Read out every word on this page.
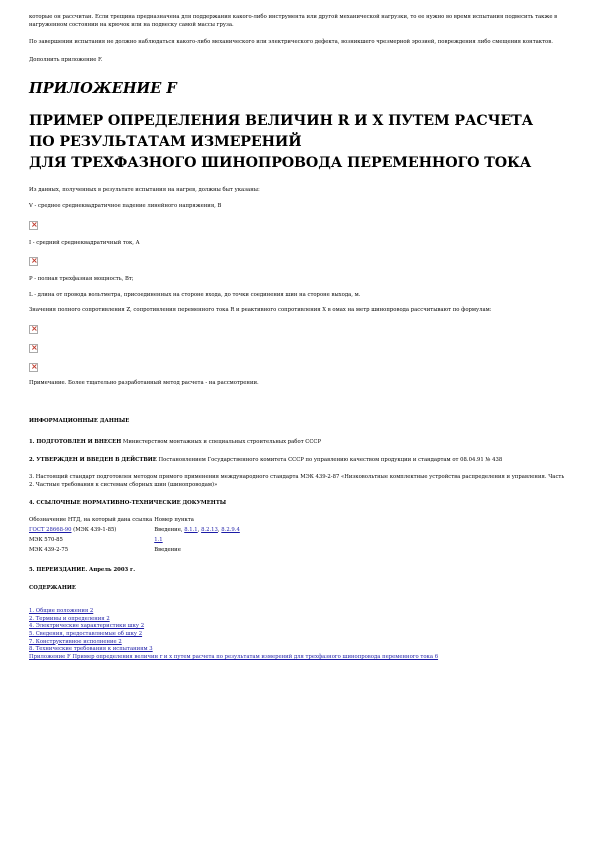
которые он рассчитан. Если трещина предназначена для поддержания какого-либо инструмента или другой механической нагрузки, то ее нужно во время испытания подвесить также в нагруженном состоянии на крючок или на подвеску самой массы груза.

По завершении испытания не должно наблюдаться какого-либо механического или электрического дефекта, возникшего чрезмерной эрозией, повреждения либо смещения контактов.

Дополнить приложение F.

ПРИЛОЖЕНИЕ F
ПРИМЕР ОПРЕДЕЛЕНИЯ ВЕЛИЧИН R И X ПУТЕМ РАСЧЕТА
ПО РЕЗУЛЬТАТАМ ИЗМЕРЕНИЙ
ДЛЯ ТРЕХФАЗНОГО ШИНОПРОВОДА ПЕРЕМЕННОГО ТОКА

Из данных, полученных в результате испытания на нагрев, должны быт указаны:

V - среднее среднеквадратичное падение линейного напряжения, В

×

I - средний среднеквадратичный ток, А

×

P - полная трехфазная мощность, Вт;

L - длина от провода вольтметра, присоединенных на стороне входа, до точки соединения шин на стороне выхода, м.

Значения полного сопротивления Z, сопротивления переменного тока R и реактивного сопротивления X в омах на метр шинопровода рассчитывают по формулам:

×
×
×

Примечание. Более тщательно разработанный метод расчета - на рассмотрении.

ИНФОРМАЦИОННЫЕ ДАННЫЕ

1. ПОДГОТОВЛЕН И ВНЕСЕН Министерством монтажных и специальных строительных работ СССР

2. УТВЕРЖДЕН И ВВЕДЕН В ДЕЙСТВИЕ Постановлением Государственного комитета СССР по управлению качеством продукции и стандартам от 08.04.91 № 438

3. Настоящий стандарт подготовлен методом прямого применения международного стандарта МЭК 439-2-87 «Низковольтные комплектные устройства распределения и управления. Часть 2. Частные требования к системам сборных шин (шинопроводам)»

4. ССЫЛОЧНЫЕ НОРМАТИВНО-ТЕХНИЧЕСКИЕ ДОКУМЕНТЫ

Обозначение НТД, на который дана ссылка	Номер пункта
ГОСТ 28668-90 (МЭК 439-1-85)	Введение, 8.1.1, 8.2.13, 8.2.9.4
МЭК 570-85	1.1
МЭК 439-2-75	Введение

5. ПЕРЕИЗДАНИЕ. Апрель 2003 г.

СОДЕРЖАНИЕ

1. Общие положения 2
2. Термины и определения 2
4. Электрические характеристики шку 2
5. Сведения, предоставляемые об шку 2
7. Конструктивное исполнение 2
8. Технические требования к испытаниям 3
Приложение F Пример определения величин r и x путем расчета по результатам измерений для трехфазного шинопровода переменного тока 6
